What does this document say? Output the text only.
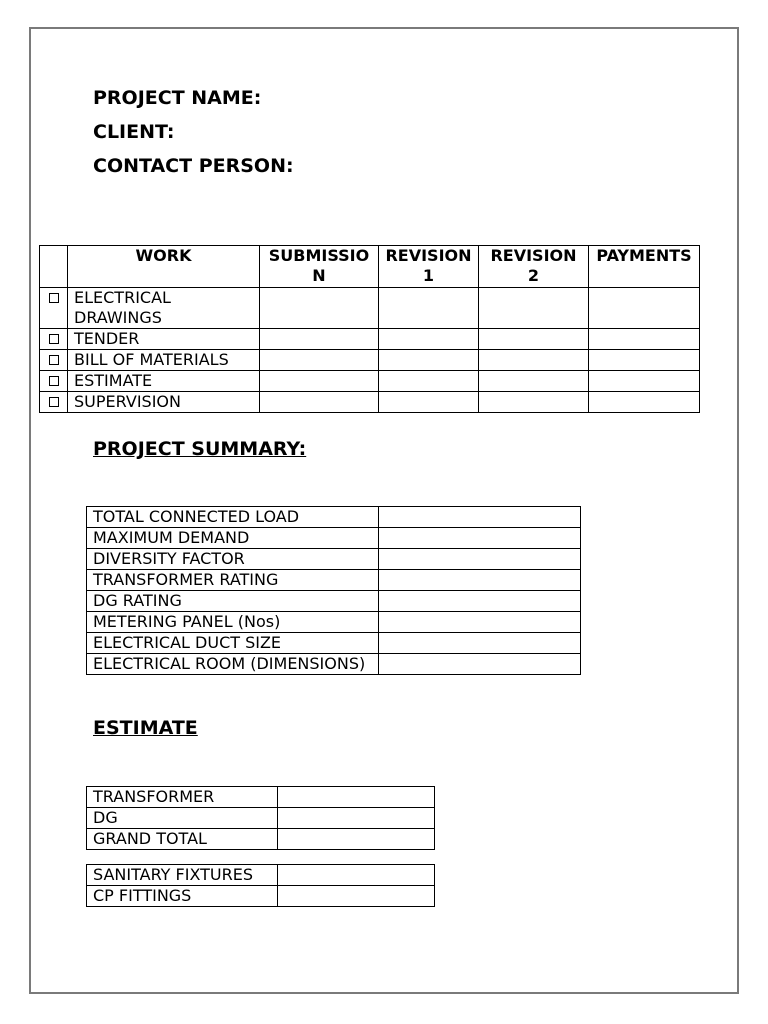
PROJECT NAME:
CLIENT:
CONTACT PERSON:
	WORK	SUBMISSION	REVISION 1	REVISION 2	PAYMENTS
	ELECTRICAL DRAWINGS				
	TENDER				
	BILL OF MATERIALS				
	ESTIMATE				
	SUPERVISION				
PROJECT SUMMARY:
TOTAL CONNECTED LOAD	
MAXIMUM DEMAND	
DIVERSITY FACTOR	
TRANSFORMER RATING	
DG RATING	
METERING PANEL (Nos)	
ELECTRICAL DUCT SIZE	
ELECTRICAL ROOM (DIMENSIONS)	
ESTIMATE
TRANSFORMER	
DG	
GRAND TOTAL	
SANITARY FIXTURES	
CP FITTINGS	
